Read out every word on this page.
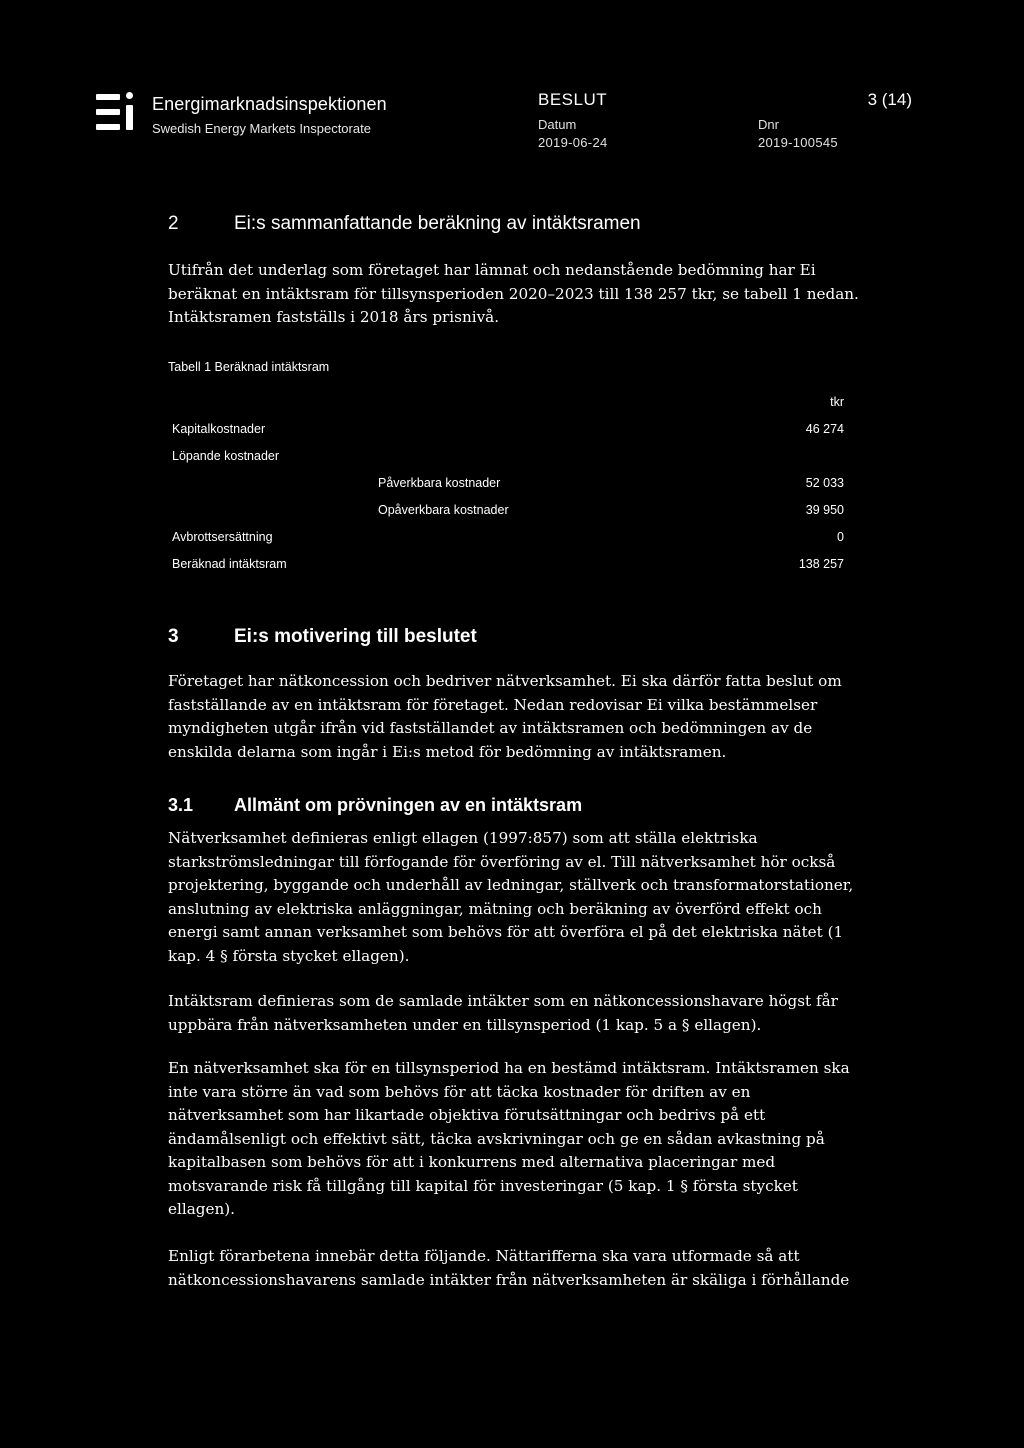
Energimarknadsinspektionen
Swedish Energy Markets Inspectorate
BESLUT	3 (14)
Datum
2019-06-24
Dnr
2019-100545
2	Ei:s sammanfattande beräkning av intäktsramen
Utifrån det underlag som företaget har lämnat och nedanstående bedömning har Ei beräknat en intäktsram för tillsynsperioden 2020–2023 till 138 257 tkr, se tabell 1 nedan. Intäktsramen fastställs i 2018 års prisnivå.
Tabell 1 Beräknad intäktsram
tkr
Kapitalkostnader	46 274
Löpande kostnader
Påverkbara kostnader	52 033
Opåverkbara kostnader	39 950
Avbrottsersättning	0
Beräknad intäktsram	138 257
3	Ei:s motivering till beslutet
Företaget har nätkoncession och bedriver nätverksamhet. Ei ska därför fatta beslut om fastställande av en intäktsram för företaget. Nedan redovisar Ei vilka bestämmelser myndigheten utgår ifrån vid fastställandet av intäktsramen och bedömningen av de enskilda delarna som ingår i Ei:s metod för bedömning av intäktsramen.
3.1 Allmänt om prövningen av en intäktsram
Nätverksamhet definieras enligt ellagen (1997:857) som att ställa elektriska starkströmsledningar till förfogande för överföring av el. Till nätverksamhet hör också projektering, byggande och underhåll av ledningar, ställverk och transformatorstationer, anslutning av elektriska anläggningar, mätning och beräkning av överförd effekt och energi samt annan verksamhet som behövs för att överföra el på det elektriska nätet (1 kap. 4 § första stycket ellagen).
Intäktsram definieras som de samlade intäkter som en nätkoncessionshavare högst får uppbära från nätverksamheten under en tillsynsperiod (1 kap. 5 a § ellagen).
En nätverksamhet ska för en tillsynsperiod ha en bestämd intäktsram. Intäktsramen ska inte vara större än vad som behövs för att täcka kostnader för driften av en nätverksamhet som har likartade objektiva förutsättningar och bedrivs på ett ändamålsenligt och effektivt sätt, täcka avskrivningar och ge en sådan avkastning på kapitalbasen som behövs för att i konkurrens med alternativa placeringar med motsvarande risk få tillgång till kapital för investeringar (5 kap. 1 § första stycket ellagen).
Enligt förarbetena innebär detta följande. Nättarifferna ska vara utformade så att nätkoncessionshavarens samlade intäkter från nätverksamheten är skäliga i förhållande
